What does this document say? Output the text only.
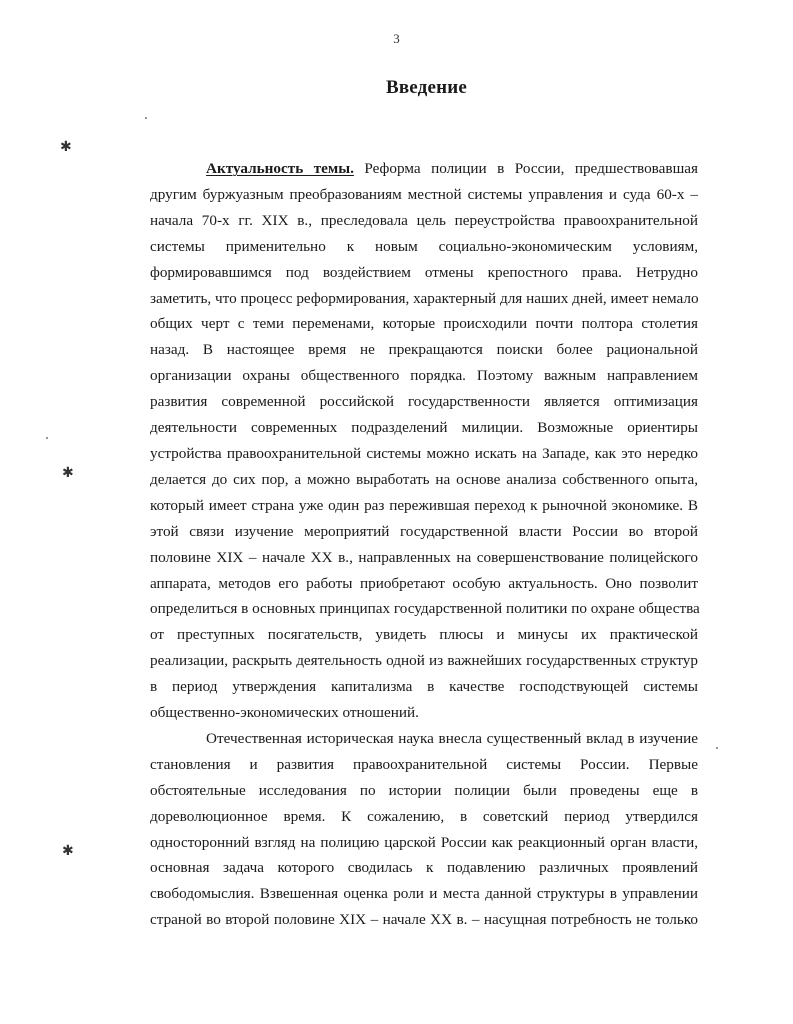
3
Введение

Актуальность темы. Реформа полиции в России, предшествовавшая
другим буржуазным преобразованиям местной системы управления и суда 60-х –
начала 70-х гг. XIX в., преследовала цель переустройства правоохранительной
системы применительно к новым социально-экономическим условиям,
формировавшимся под воздействием отмены крепостного права. Нетрудно
заметить, что процесс реформирования, характерный для наших дней, имеет немало
общих черт с теми переменами, которые происходили почти полтора столетия
назад. В настоящее время не прекращаются поиски более рациональной
организации охраны общественного порядка. Поэтому важным направлением
развития современной российской государственности является оптимизация
деятельности современных подразделений милиции. Возможные ориентиры
устройства правоохранительной системы можно искать на Западе, как это нередко
делается до сих пор, а можно выработать на основе анализа собственного опыта,
который имеет страна уже один раз пережившая переход к рыночной экономике. В
этой связи изучение мероприятий государственной власти России во второй
половине XIX – начале XX в., направленных на совершенствование полицейского
аппарата, методов его работы приобретают особую актуальность. Оно позволит
определиться в основных принципах государственной политики по охране общества
от преступных посягательств, увидеть плюсы и минусы их практической
реализации, раскрыть деятельность одной из важнейших государственных структур
в период утверждения капитализма в качестве господствующей системы
общественно-экономических отношений.

Отечественная историческая наука внесла существенный вклад в изучение
становления и развития правоохранительной системы России. Первые
обстоятельные исследования по истории полиции были проведены еще в
дореволюционное время. К сожалению, в советский период утвердился
односторонний взгляд на полицию царской России как реакционный орган власти,
основная задача которого сводилась к подавлению различных проявлений
свободомыслия. Взвешенная оценка роли и места данной структуры в управлении
страной во второй половине XIX – начале XX в. – насущная потребность не только

✱
✱
✱
